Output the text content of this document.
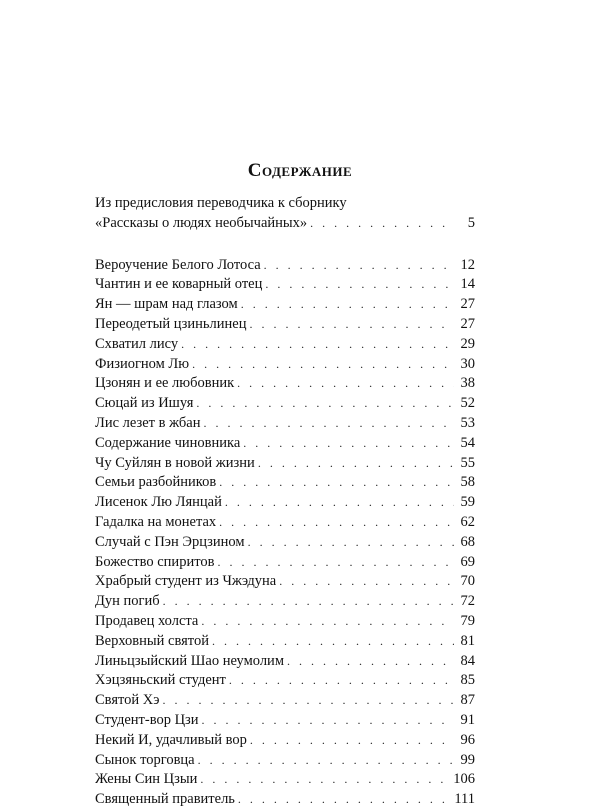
Содержание
Из предисловия переводчика к сборнику
«Рассказы о людях необычайных» . . .	5
Вероучение Белого Лотоса . . .	12
Чантин и ее коварный отец . . .	14
Ян — шрам над глазом . . .	27
Переодетый цзиньлинец . . .	27
Схватил лису . . .	29
Физиогном Лю . . .	30
Цзонян и ее любовник . . .	38
Сюцай из Ишуя . . .	52
Лис лезет в жбан . . .	53
Содержание чиновника . . .	54
Чу Суйлян в новой жизни . . .	55
Семьи разбойников . . .	58
Лисенок Лю Лянцай . . .	59
Гадалка на монетах . . .	62
Случай с Пэн Эрцзином . . .	68
Божество спиритов . . .	69
Храбрый студент из Чжэдуна . . .	70
Дун погиб . . .	72
Продавец холста . . .	79
Верховный святой . . .	81
Линьцзыйский Шао неумолим . . .	84
Хэцзяньский студент . . .	85
Святой Хэ . . .	87
Студент-вор Цзи . . .	91
Некий И, удачливый вор . . .	96
Сынок торговца . . .	99
Жены Син Цзыи . . .	106
Священный правитель . . .	111
